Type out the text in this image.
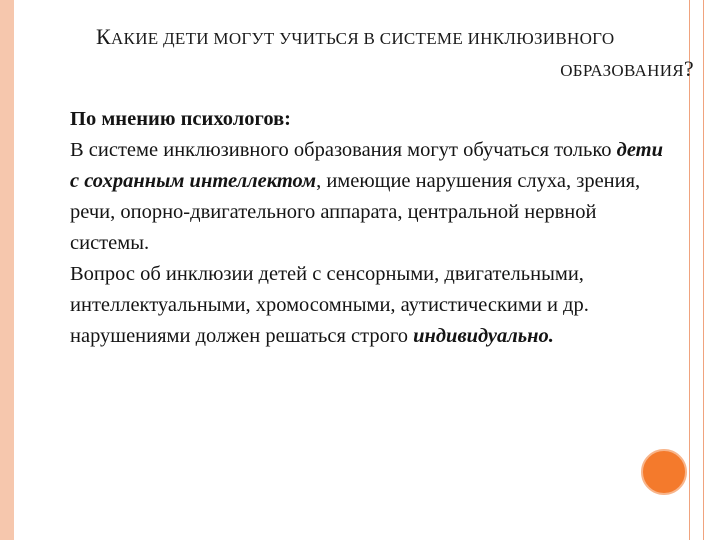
КАКИЕ ДЕТИ МОГУТ УЧИТЬСЯ В СИСТЕМЕ ИНКЛЮЗИВНОГО
ОБРАЗОВАНИЯ?

По мнению психологов:

В системе инклюзивного образования могут обучаться только дети с сохранным интеллектом, имеющие нарушения слуха, зрения, речи, опорно-двигательного аппарата, центральной нервной системы.

Вопрос об инклюзии детей с сенсорными, двигательными, интеллектуальными, хромосомными, аутистическими и др. нарушениями должен решаться строго индивидуально.
